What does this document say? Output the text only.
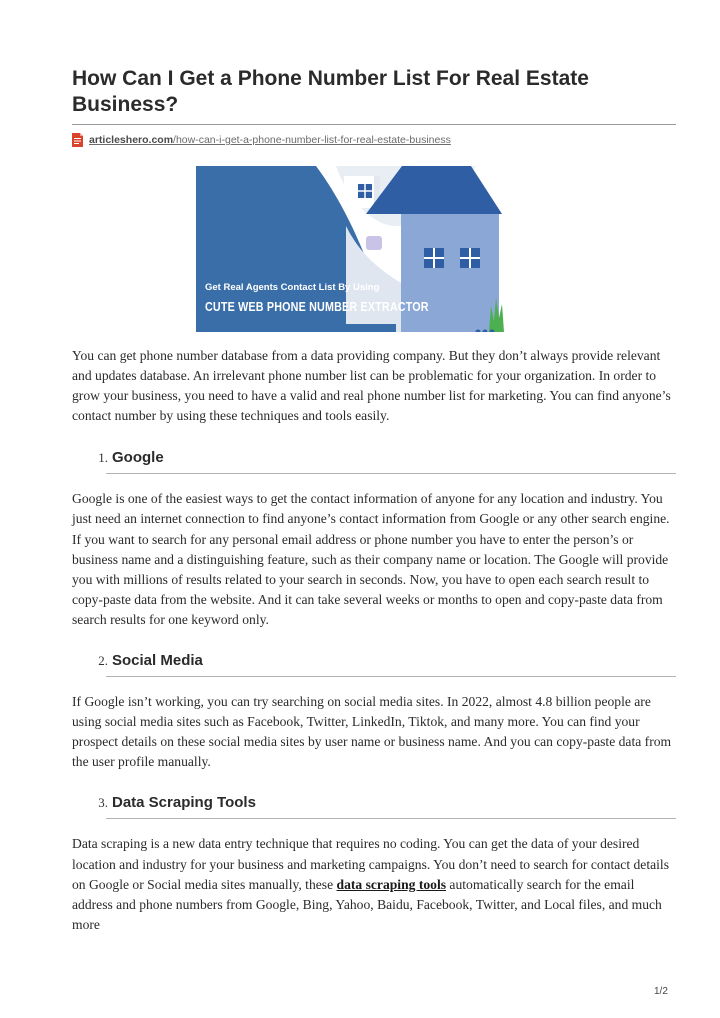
How Can I Get a Phone Number List For Real Estate Business?
articleshero.com/how-can-i-get-a-phone-number-list-for-real-estate-business
Get Real Agents Contact List By Using
CUTE WEB PHONE NUMBER EXTRACTOR

You can get phone number database from a data providing company. But they don’t always provide relevant and updates database. An irrelevant phone number list can be problematic for your organization. In order to grow your business, you need to have a valid and real phone number list for marketing. You can find anyone’s contact number by using these techniques and tools easily.

1. Google

Google is one of the easiest ways to get the contact information of anyone for any location and industry. You just need an internet connection to find anyone’s contact information from Google or any other search engine. If you want to search for any personal email address or phone number you have to enter the person’s or business name and a distinguishing feature, such as their company name or location. The Google will provide you with millions of results related to your search in seconds. Now, you have to open each search result to copy-paste data from the website. And it can take several weeks or months to open and copy-paste data from search results for one keyword only.

2. Social Media

If Google isn’t working, you can try searching on social media sites. In 2022, almost 4.8 billion people are using social media sites such as Facebook, Twitter, LinkedIn, Tiktok, and many more. You can find your prospect details on these social media sites by user name or business name. And you can copy-paste data from the user profile manually.

3. Data Scraping Tools

Data scraping is a new data entry technique that requires no coding. You can get the data of your desired location and industry for your business and marketing campaigns. You don’t need to search for contact details on Google or Social media sites manually, these data scraping tools automatically search for the email address and phone numbers from Google, Bing, Yahoo, Baidu, Facebook, Twitter, and Local files, and much more

1/2
